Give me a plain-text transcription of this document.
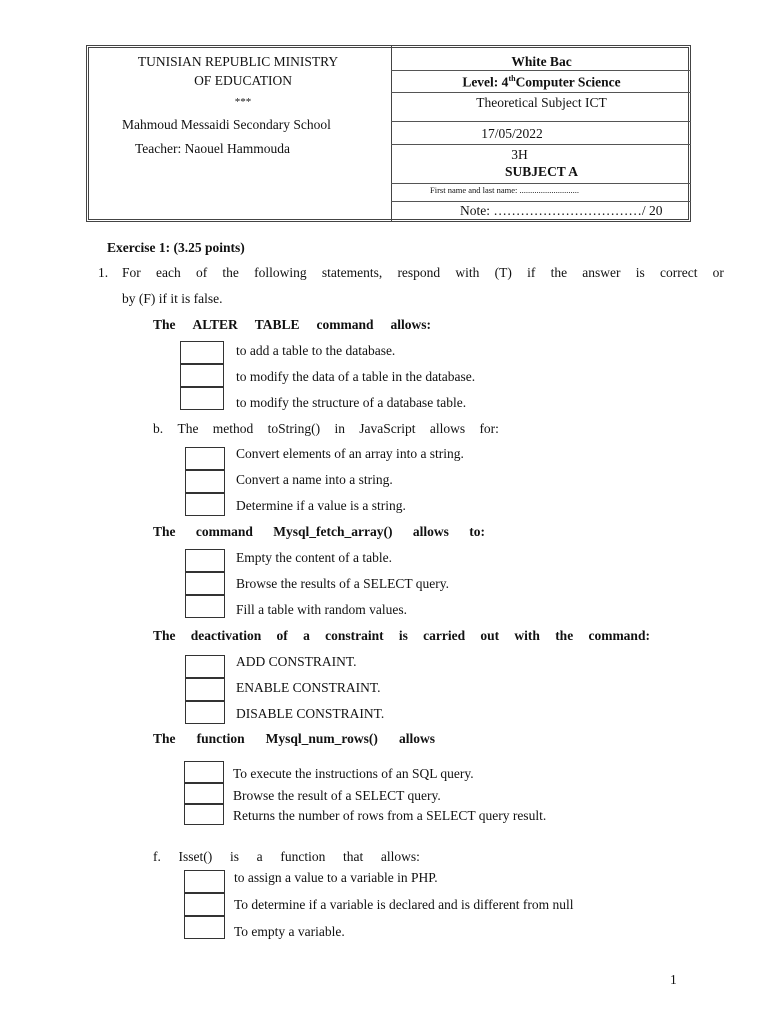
TUNISIAN REPUBLIC MINISTRY
OF EDUCATION
***
Mahmoud Messaidi Secondary School
Teacher: Naouel Hammouda
White Bac
Level: 4thComputer Science
Theoretical Subject ICT
17/05/2022
3H
SUBJECT A
First name and last name: ............................
Note: ……………………………/ 20
Exercise 1: (3.25 points)
1. For each of the following statements, respond with (T) if the answer is correct or
by (F) if it is false.
The ALTER TABLE command allows:
to add a table to the database.
to modify the data of a table in the database.
to modify the structure of a database table.
b. The method toString() in JavaScript allows for:
Convert elements of an array into a string.
Convert a name into a string.
Determine if a value is a string.
The command Mysql_fetch_array() allows to:
Empty the content of a table.
Browse the results of a SELECT query.
Fill a table with random values.
The deactivation of a constraint is carried out with the command:
ADD CONSTRAINT.
ENABLE CONSTRAINT.
DISABLE CONSTRAINT.
The function Mysql_num_rows() allows
To execute the instructions of an SQL query.
Browse the result of a SELECT query.
Returns the number of rows from a SELECT query result.
f. Isset() is a function that allows:
to assign a value to a variable in PHP.
To determine if a variable is declared and is different from null
To empty a variable.
1
